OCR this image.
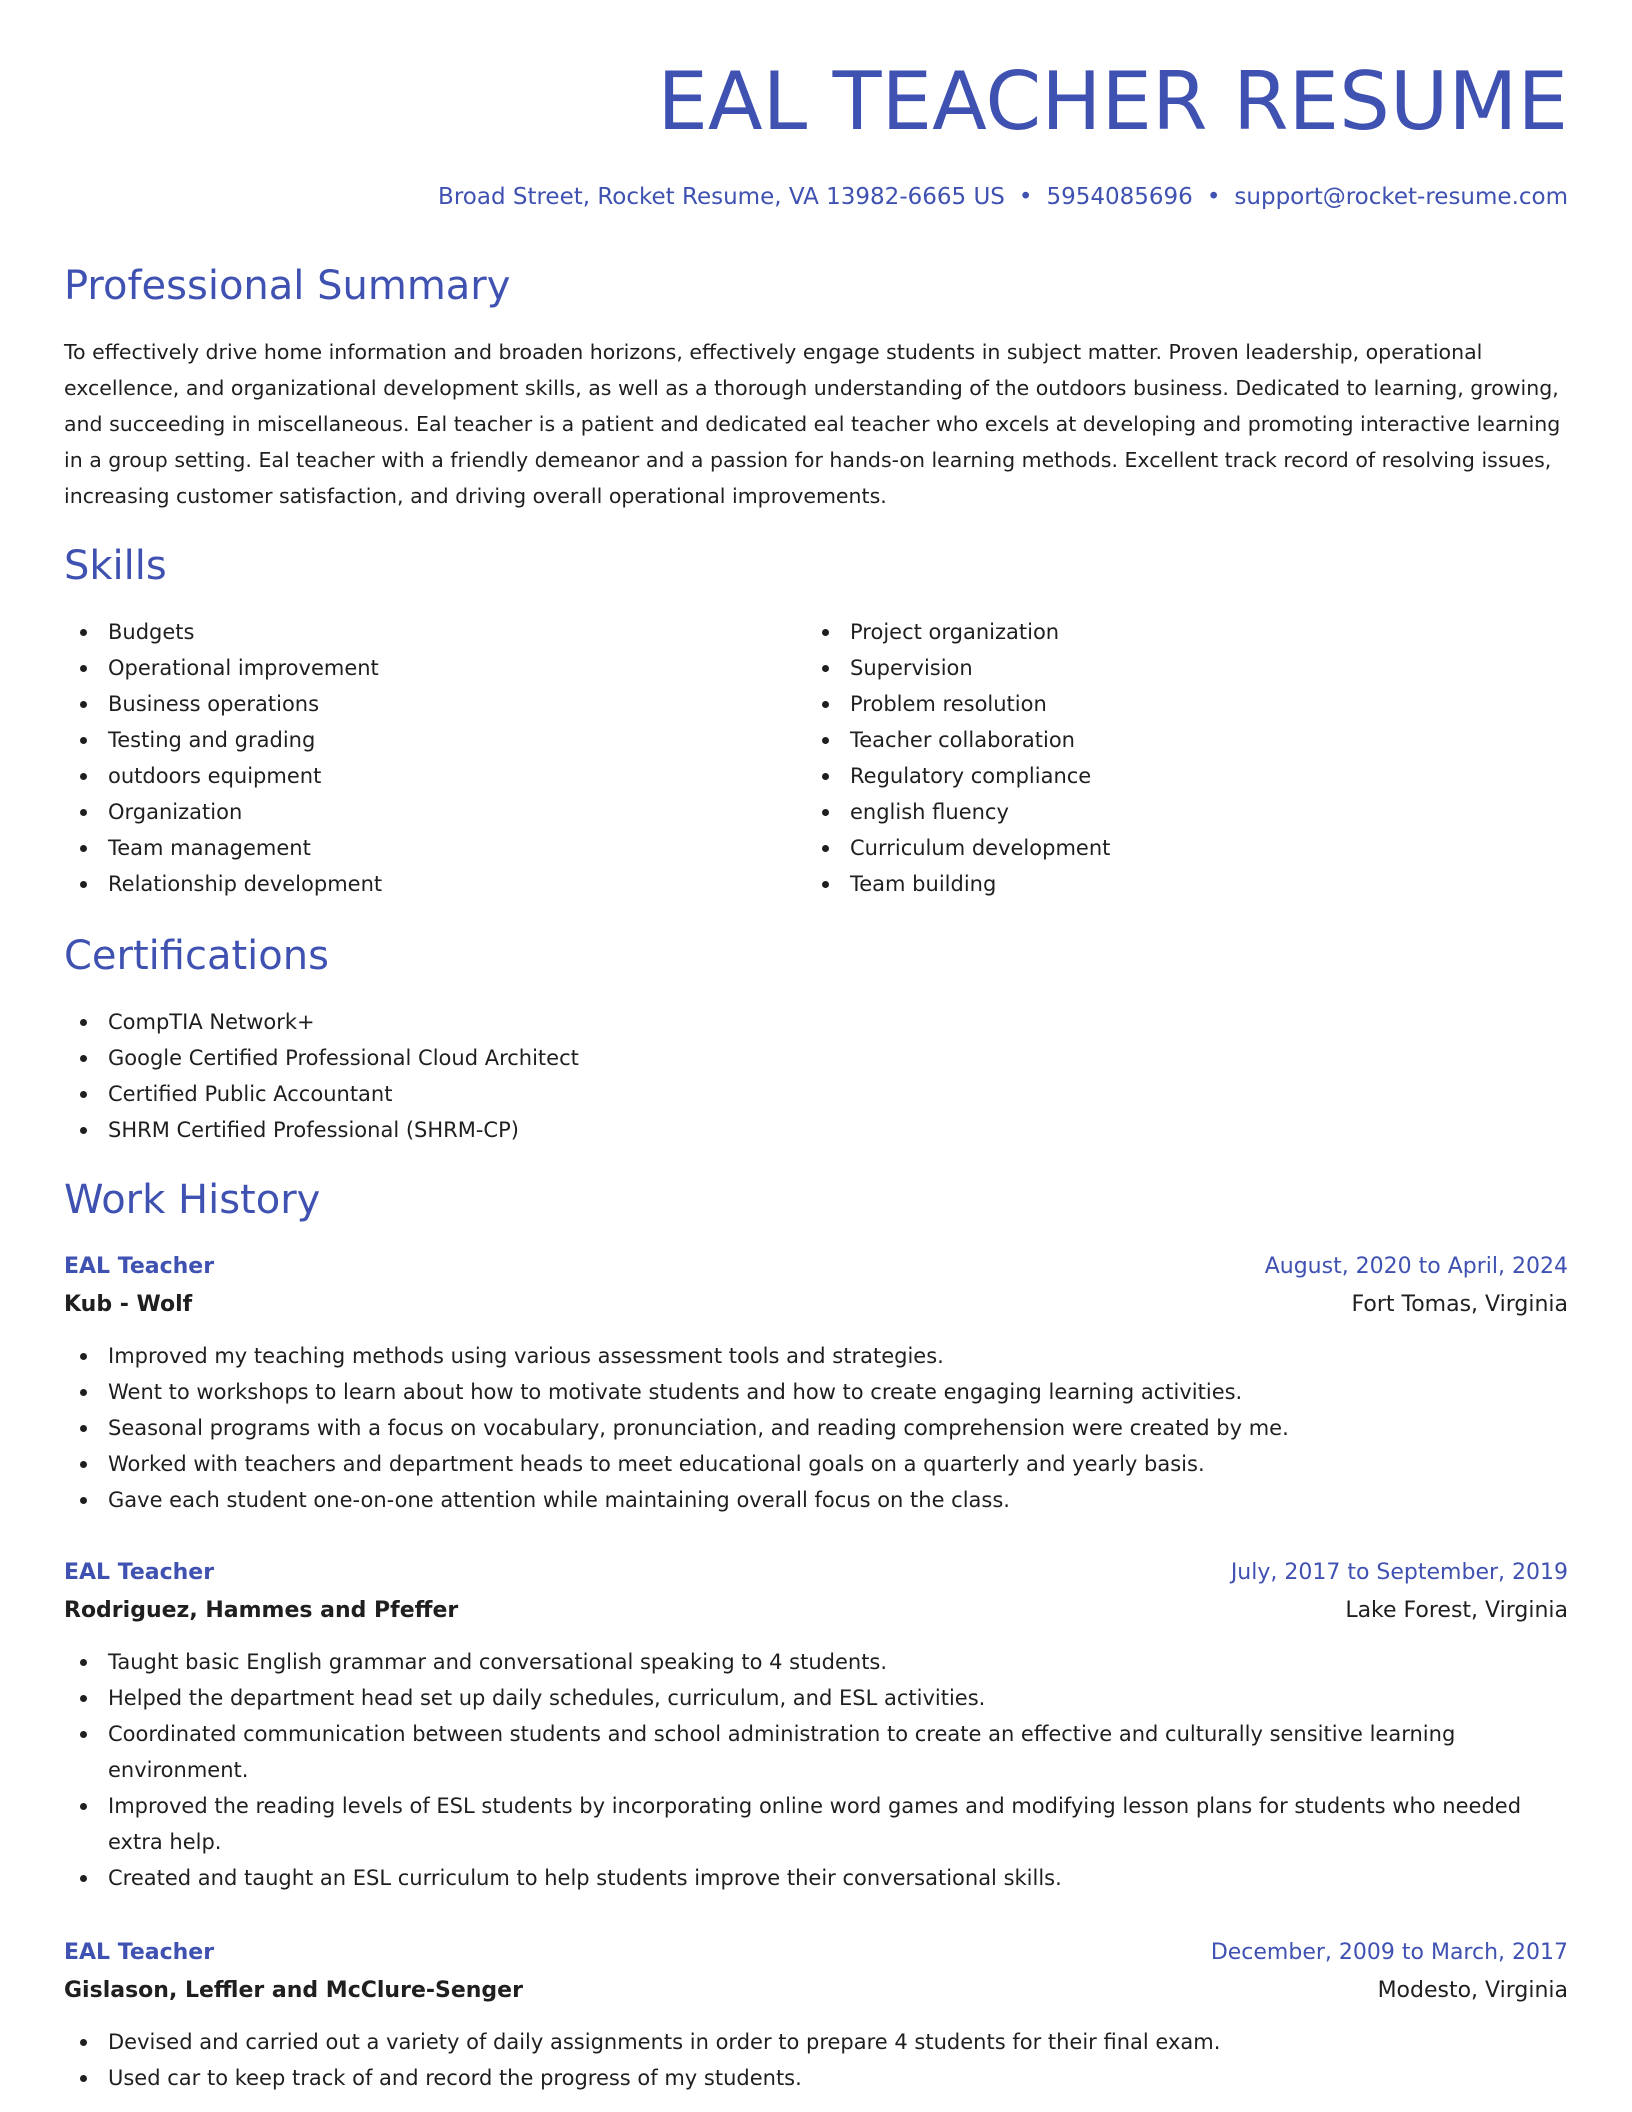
EAL TEACHER RESUME
Broad Street, Rocket Resume, VA 13982-6665 US • 5954085696 • support@rocket-resume.com
Professional Summary

To effectively drive home information and broaden horizons, effectively engage students in subject matter. Proven leadership, operational excellence, and organizational development skills, as well as a thorough understanding of the outdoors business. Dedicated to learning, growing, and succeeding in miscellaneous. Eal teacher is a patient and dedicated eal teacher who excels at developing and promoting interactive learning in a group setting. Eal teacher with a friendly demeanor and a passion for hands-on learning methods. Excellent track record of resolving issues, increasing customer satisfaction, and driving overall operational improvements.

Skills
Budgets
Operational improvement
Business operations
Testing and grading
outdoors equipment
Organization
Team management
Relationship development
Project organization
Supervision
Problem resolution
Teacher collaboration
Regulatory compliance
english fluency
Curriculum development
Team building
Certifications
CompTIA Network+
Google Certified Professional Cloud Architect
Certified Public Accountant
SHRM Certified Professional (SHRM-CP)
Work History
EAL Teacher	August, 2020 to April, 2024
Kub - Wolf	Fort Tomas, Virginia
Improved my teaching methods using various assessment tools and strategies.
Went to workshops to learn about how to motivate students and how to create engaging learning activities.
Seasonal programs with a focus on vocabulary, pronunciation, and reading comprehension were created by me.
Worked with teachers and department heads to meet educational goals on a quarterly and yearly basis.
Gave each student one-on-one attention while maintaining overall focus on the class.
EAL Teacher	July, 2017 to September, 2019
Rodriguez, Hammes and Pfeffer	Lake Forest, Virginia
Taught basic English grammar and conversational speaking to 4 students.
Helped the department head set up daily schedules, curriculum, and ESL activities.
Coordinated communication between students and school administration to create an effective and culturally sensitive learning environment.
Improved the reading levels of ESL students by incorporating online word games and modifying lesson plans for students who needed extra help.
Created and taught an ESL curriculum to help students improve their conversational skills.
EAL Teacher	December, 2009 to March, 2017
Gislason, Leffler and McClure-Senger	Modesto, Virginia
Devised and carried out a variety of daily assignments in order to prepare 4 students for their final exam.
Used car to keep track of and record the progress of my students.
